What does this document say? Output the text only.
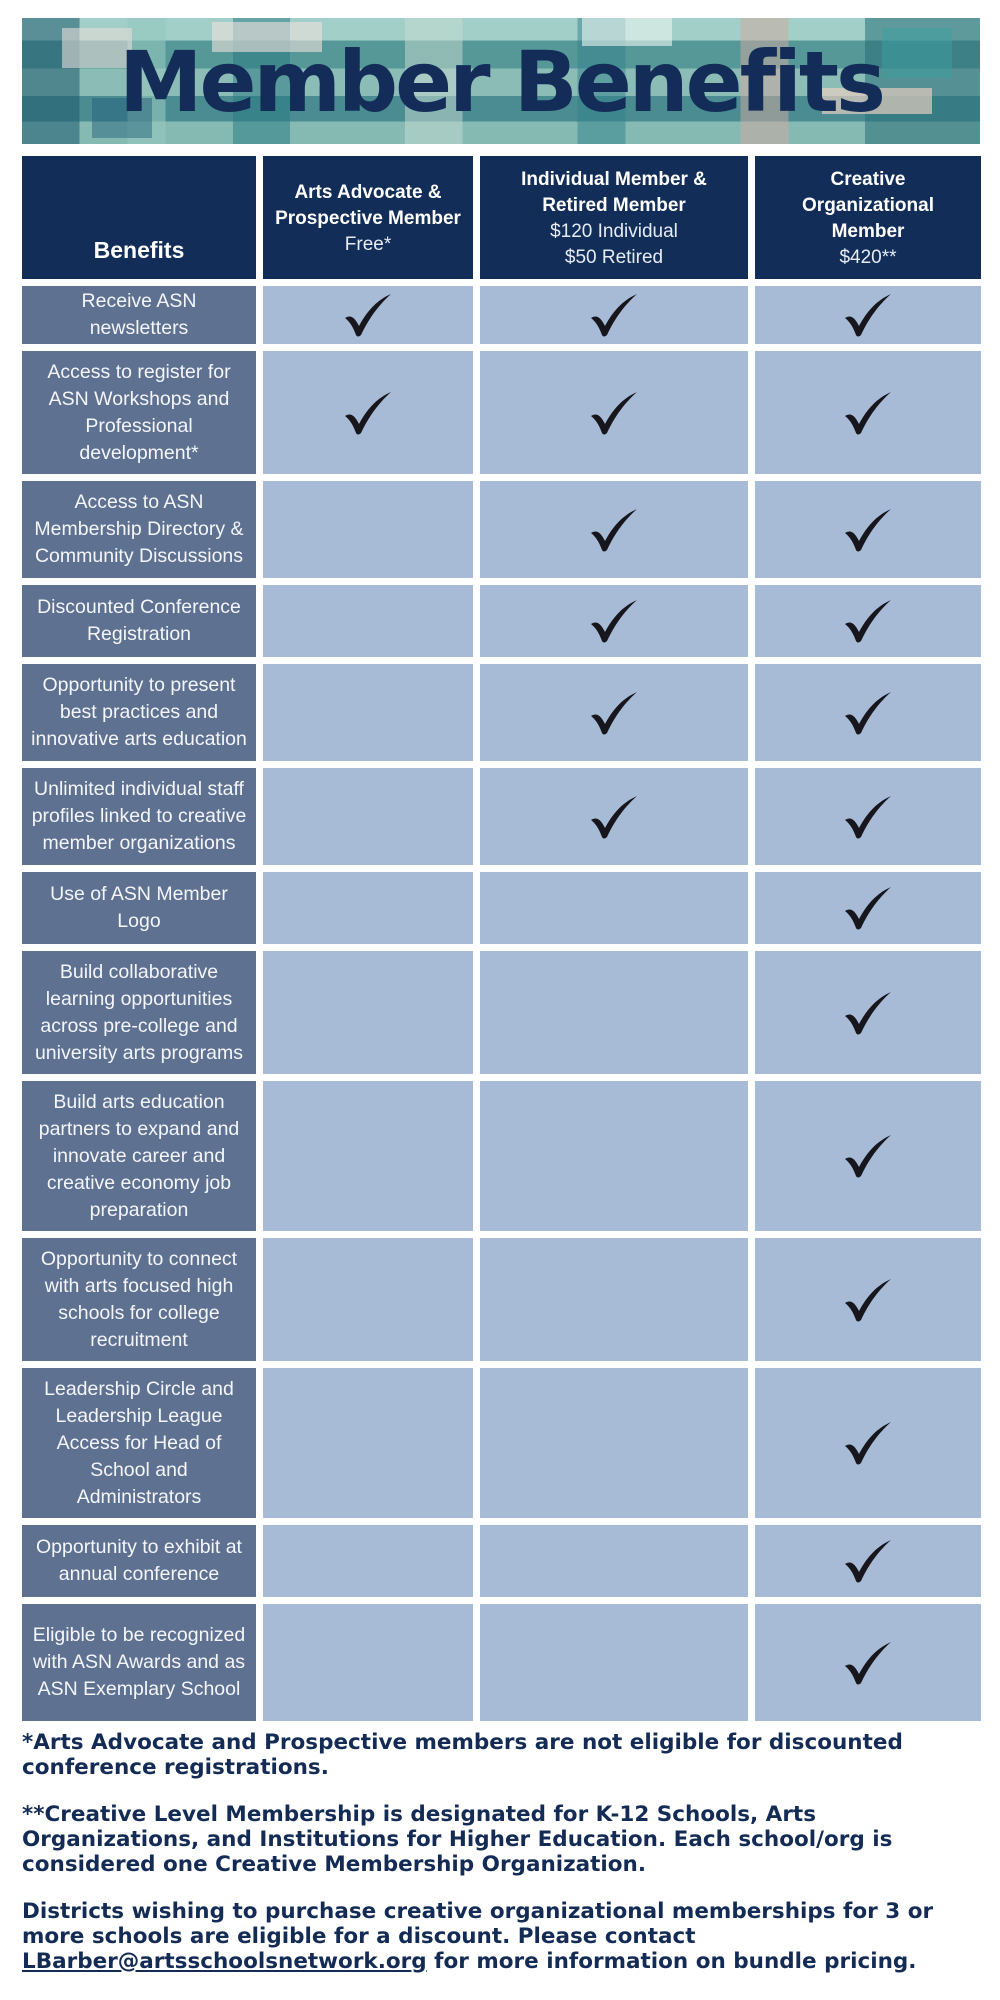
Member Benefits
Benefits
Arts Advocate & Prospective Member
Free*
Individual Member & Retired Member
$120 Individual
$50 Retired
Creative Organizational Member
$420**
Receive ASN newsletters
Access to register for ASN Workshops and Professional development*
Access to ASN Membership Directory & Community Discussions
Discounted Conference Registration
Opportunity to present best practices and innovative arts education
Unlimited individual staff profiles linked to creative member organizations
Use of ASN Member Logo
Build collaborative learning opportunities across pre-college and university arts programs
Build arts education partners to expand and innovate career and creative economy job preparation
Opportunity to connect with arts focused high schools for college recruitment
Leadership Circle and Leadership League Access for Head of School and Administrators
Opportunity to exhibit at annual conference
Eligible to be recognized with ASN Awards and as ASN Exemplary School

*Arts Advocate and Prospective members are not eligible for discounted conference registrations.

**Creative Level Membership is designated for K-12 Schools, Arts Organizations, and Institutions for Higher Education. Each school/org is considered one Creative Membership Organization.

Districts wishing to purchase creative organizational memberships for 3 or more schools are eligible for a discount. Please contact LBarber@artsschoolsnetwork.org for more information on bundle pricing.
